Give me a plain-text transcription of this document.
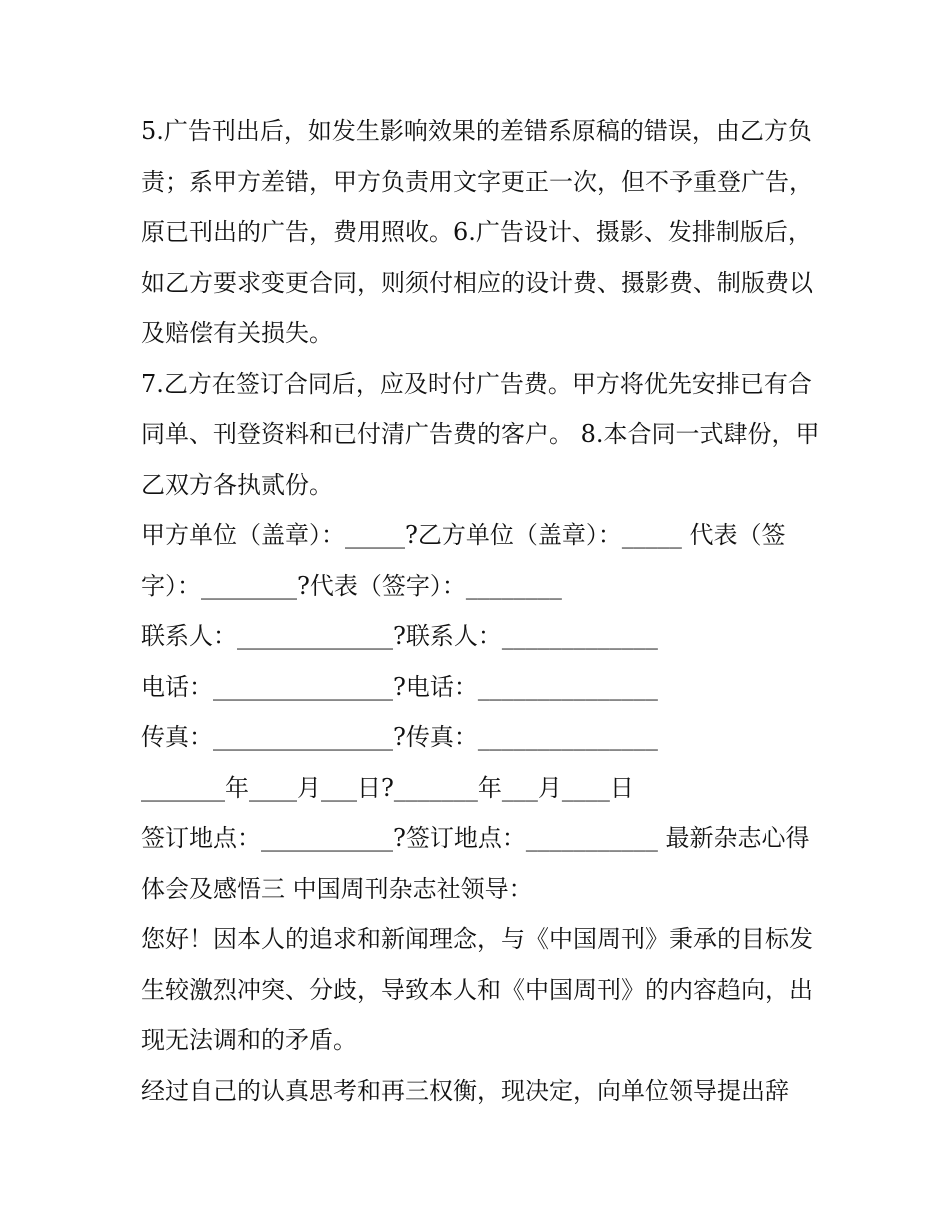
5.广告刊出后，如发生影响效果的差错系原稿的错误，由乙方负责；系甲方差错，甲方负责用文字更正一次，但不予重登广告，原已刊出的广告，费用照收。6.广告设计、摄影、发排制版后，如乙方要求变更合同，则须付相应的设计费、摄影费、制版费以及赔偿有关损失。

7.乙方在签订合同后，应及时付广告费。甲方将优先安排已有合同单、刊登资料和已付清广告费的客户。 8.本合同一式肆份，甲乙双方各执贰份。

甲方单位（盖章）：_____?乙方单位（盖章）：_____ 代表（签字）：________?代表（签字）：________

联系人：_____________?联系人：_____________

电话：_______________?电话：_______________

传真：_______________?传真：_______________

_______年____月___日?_______年___月____日

签订地点：___________?签订地点：___________ 最新杂志心得体会及感悟三 中国周刊杂志社领导：

您好！因本人的追求和新闻理念，与《中国周刊》秉承的目标发生较激烈冲突、分歧，导致本人和《中国周刊》的内容趋向，出现无法调和的矛盾。

经过自己的认真思考和再三权衡，现决定，向单位领导提出辞
